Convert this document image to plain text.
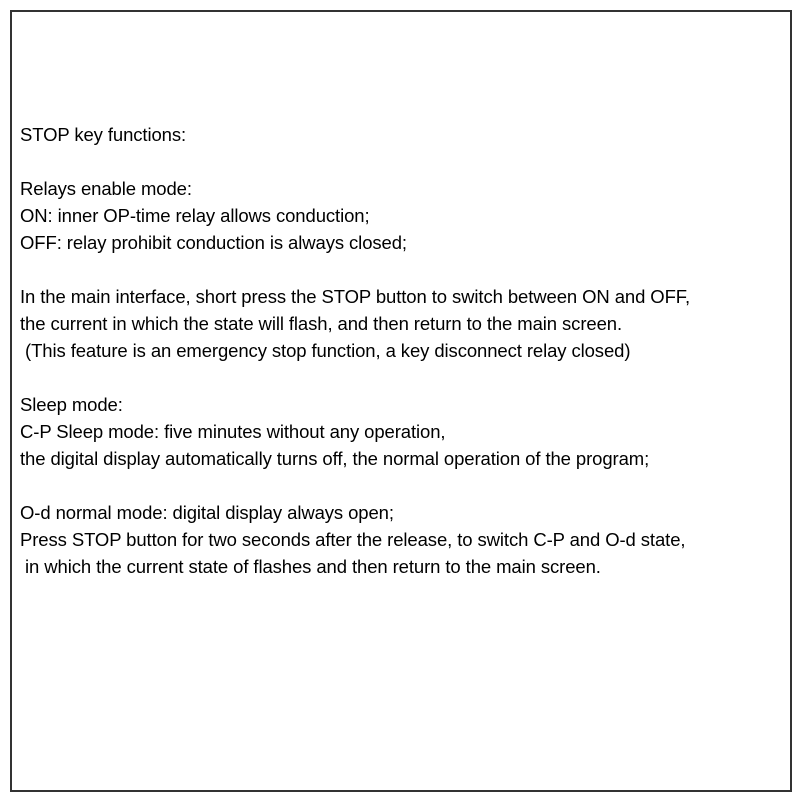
STOP key functions:
Relays enable mode:
ON: inner OP-time relay allows conduction;
OFF: relay prohibit conduction is always closed;
In the main interface, short press the STOP button to switch between ON and OFF,
the current in which the state will flash, and then return to the main screen.
(This feature is an emergency stop function, a key disconnect relay closed)
Sleep mode:
C-P Sleep mode: five minutes without any operation,
the digital display automatically turns off, the normal operation of the program;
O-d normal mode: digital display always open;
Press STOP button for two seconds after the release, to switch C-P and O-d state,
in which the current state of flashes and then return to the main screen.
